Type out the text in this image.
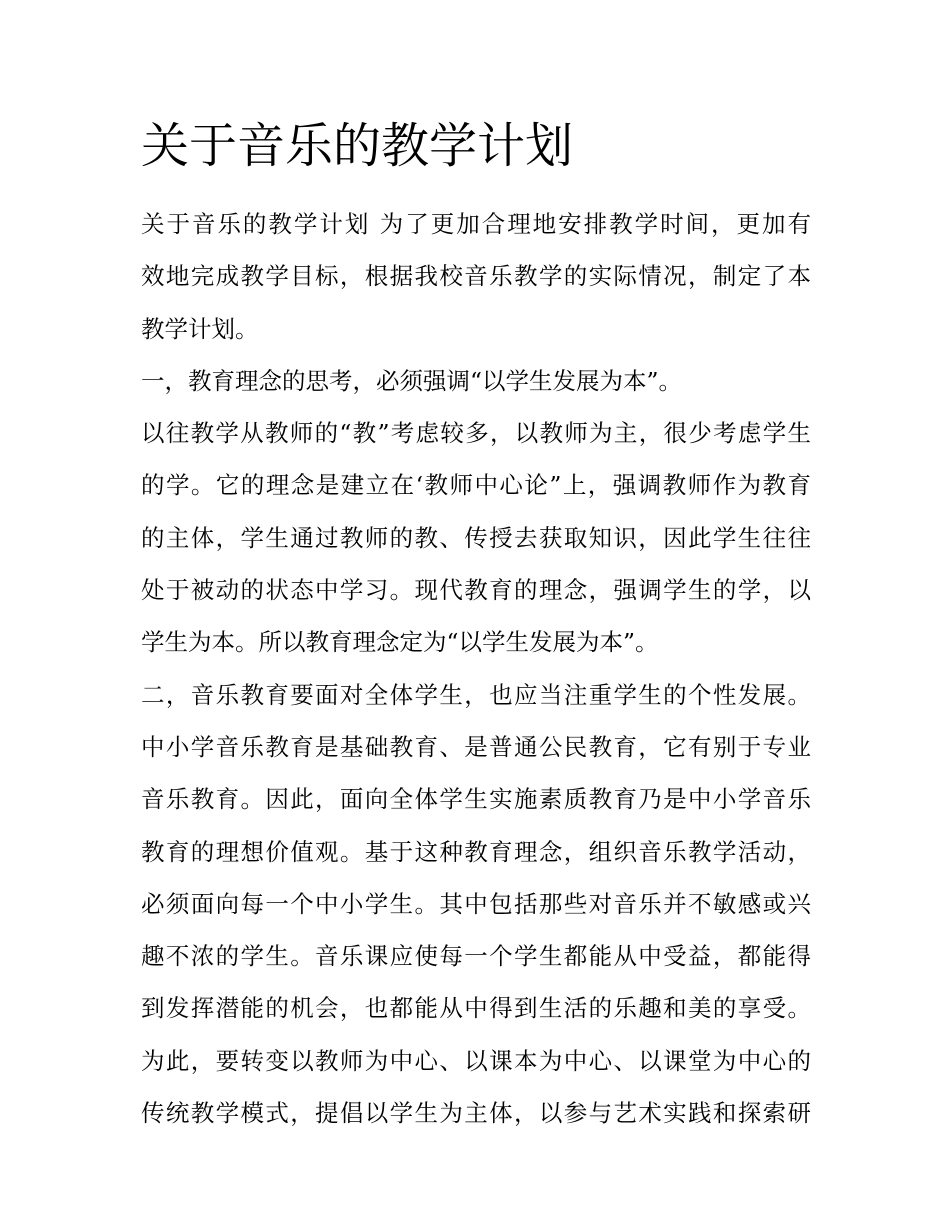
关于音乐的教学计划
关于音乐的教学计划 为了更加合理地安排教学时间，更加有
效地完成教学目标，根据我校音乐教学的实际情况，制定了本
教学计划。
一，教育理念的思考，必须强调“以学生发展为本”。
以往教学从教师的“教”考虑较多，以教师为主，很少考虑学生
的学。它的理念是建立在‘教师中心论”上，强调教师作为教育
的主体，学生通过教师的教、传授去获取知识，因此学生往往
处于被动的状态中学习。现代教育的理念，强调学生的学，以
学生为本。所以教育理念定为“以学生发展为本”。
二，音乐教育要面对全体学生，也应当注重学生的个性发展。
中小学音乐教育是基础教育、是普通公民教育，它有别于专业
音乐教育。因此，面向全体学生实施素质教育乃是中小学音乐
教育的理想价值观。基于这种教育理念，组织音乐教学活动，
必须面向每一个中小学生。其中包括那些对音乐并不敏感或兴
趣不浓的学生。音乐课应使每一个学生都能从中受益，都能得
到发挥潜能的机会，也都能从中得到生活的乐趣和美的享受。
为此，要转变以教师为中心、以课本为中心、以课堂为中心的
传统教学模式，提倡以学生为主体，以参与艺术实践和探索研
